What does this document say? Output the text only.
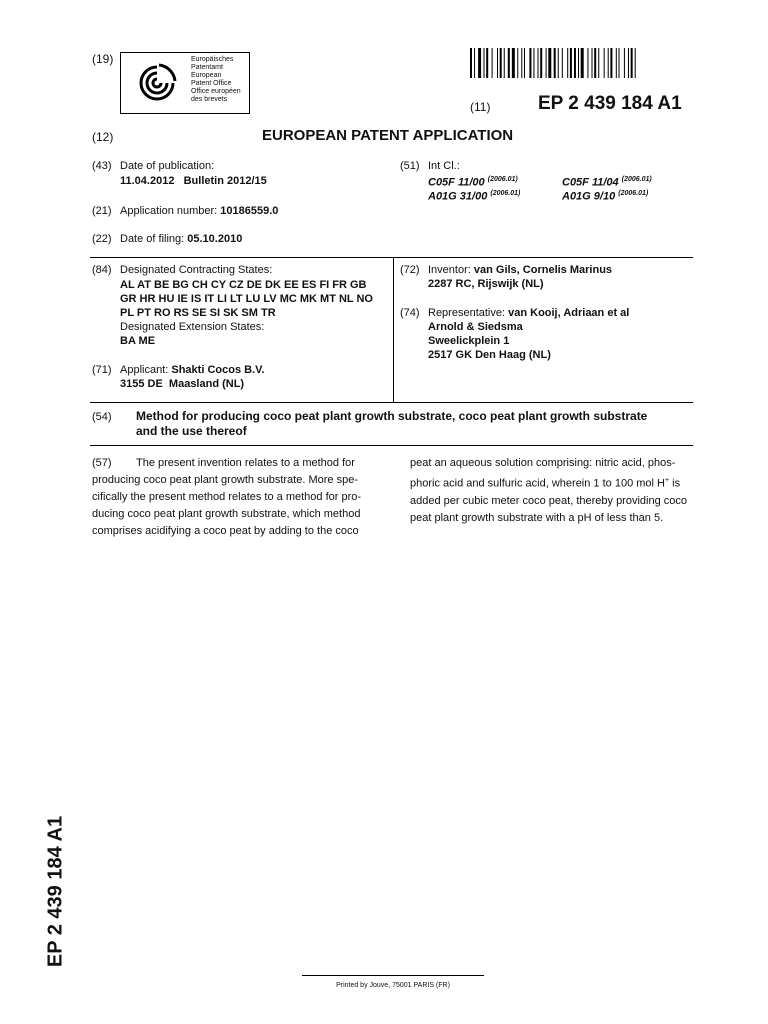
(19)	Europäisches
Patentamt
European
Patent Office
Office européen
des brevets
(11)	EP 2 439 184 A1
(12)	EUROPEAN PATENT APPLICATION
(43) Date of publication:
11.04.2012   Bulletin 2012/15
(51) Int Cl.:
C05F 11/00 $^{(2006.01)}$	C05F 11/04 $^{(2006.01)}$
A01G 31/00 $^{(2006.01)}$	A01G 9/10 $^{(2006.01)}$
(21) Application number: 10186559.0
(22) Date of filing: 05.10.2010
(84) Designated Contracting States:
AL AT BE BG CH CY CZ DE DK EE ES FI FR GB
GR HR HU IE IS IT LI LT LU LV MC MK MT NL NO
PL PT RO RS SE SI SK SM TR
Designated Extension States:
BA ME
(71) Applicant: Shakti Cocos B.V.
3155 DE  Maasland (NL)
(72) Inventor: van Gils, Cornelis Marinus
2287 RC, Rijswijk (NL)
(74) Representative: van Kooij, Adriaan et al
Arnold & Siedsma
Sweelickplein 1
2517 GK Den Haag (NL)
(54) Method for producing coco peat plant growth substrate, coco peat plant growth substrate
and the use thereof
(57)	The present invention relates to a method for
producing coco peat plant growth substrate. More spe-
cifically the present method relates to a method for pro-
ducing coco peat plant growth substrate, which method
comprises acidifying a coco peat by adding to the coco
peat an aqueous solution comprising: nitric acid, phos-
phoric acid and sulfuric acid, wherein 1 to 100 mol H+ is
added per cubic meter coco peat, thereby providing coco
peat plant growth substrate with a pH of less than 5.
EP 2 439 184 A1
Printed by Jouve, 75001 PARIS (FR)
